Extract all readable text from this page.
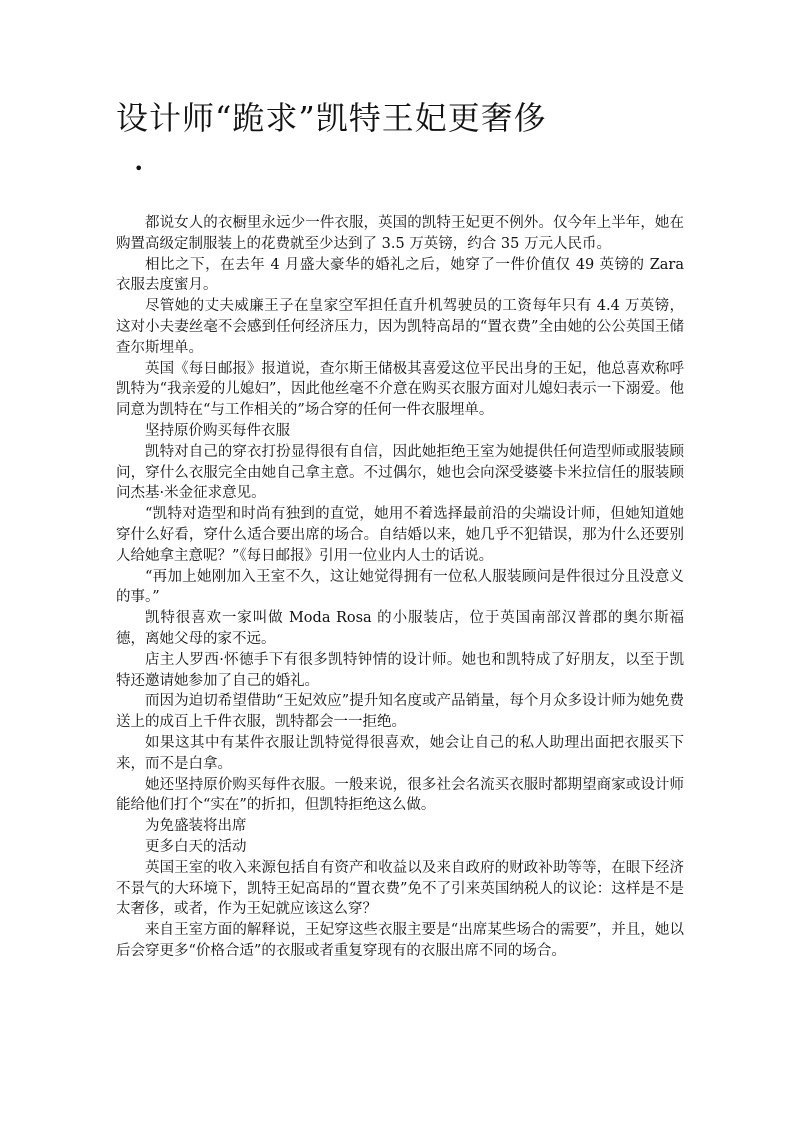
设计师“跪求”凯特王妃更奢侈
•

都说女人的衣橱里永远少一件衣服，英国的凯特王妃更不例外。仅今年上半年，她在购置高级定制服装上的花费就至少达到了 3.5 万英镑，约合 35 万元人民币。

相比之下，在去年 4 月盛大豪华的婚礼之后，她穿了一件价值仅 49 英镑的 Zara 衣服去度蜜月。

尽管她的丈夫威廉王子在皇家空军担任直升机驾驶员的工资每年只有 4.4 万英镑，这对小夫妻丝毫不会感到任何经济压力，因为凯特高昂的“置衣费”全由她的公公英国王储查尔斯埋单。

英国《每日邮报》报道说，查尔斯王储极其喜爱这位平民出身的王妃，他总喜欢称呼凯特为“我亲爱的儿媳妇”，因此他丝毫不介意在购买衣服方面对儿媳妇表示一下溺爱。他同意为凯特在“与工作相关的”场合穿的任何一件衣服埋单。

坚持原价购买每件衣服

凯特对自己的穿衣打扮显得很有自信，因此她拒绝王室为她提供任何造型师或服装顾问，穿什么衣服完全由她自己拿主意。不过偶尔，她也会向深受婆婆卡米拉信任的服装顾问杰基·米金征求意见。

“凯特对造型和时尚有独到的直觉，她用不着选择最前沿的尖端设计师，但她知道她穿什么好看，穿什么适合要出席的场合。自结婚以来，她几乎不犯错误，那为什么还要别人给她拿主意呢？”《每日邮报》引用一位业内人士的话说。

“再加上她刚加入王室不久，这让她觉得拥有一位私人服装顾问是件很过分且没意义的事。”

凯特很喜欢一家叫做 Moda Rosa 的小服装店，位于英国南部汉普郡的奥尔斯福德，离她父母的家不远。

店主人罗西·怀德手下有很多凯特钟情的设计师。她也和凯特成了好朋友，以至于凯特还邀请她参加了自己的婚礼。

而因为迫切希望借助“王妃效应”提升知名度或产品销量，每个月众多设计师为她免费送上的成百上千件衣服，凯特都会一一拒绝。

如果这其中有某件衣服让凯特觉得很喜欢，她会让自己的私人助理出面把衣服买下来，而不是白拿。

她还坚持原价购买每件衣服。一般来说，很多社会名流买衣服时都期望商家或设计师能给他们打个“实在”的折扣，但凯特拒绝这么做。

为免盛装将出席

更多白天的活动

英国王室的收入来源包括自有资产和收益以及来自政府的财政补助等等，在眼下经济不景气的大环境下，凯特王妃高昂的“置衣费”免不了引来英国纳税人的议论：这样是不是太奢侈，或者，作为王妃就应该这么穿？

来自王室方面的解释说，王妃穿这些衣服主要是“出席某些场合的需要”，并且，她以后会穿更多“价格合适”的衣服或者重复穿现有的衣服出席不同的场合。
